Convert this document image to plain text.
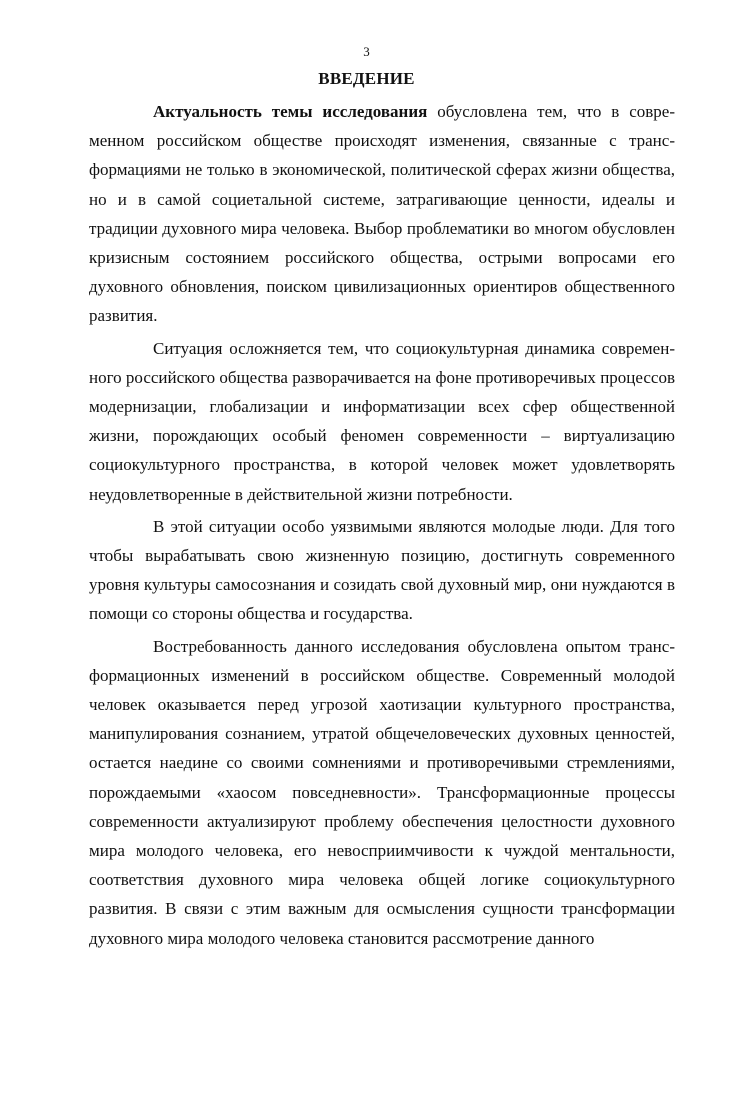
3
ВВЕДЕНИЕ

Актуальность темы исследования обусловлена тем, что в современном российском обществе происходят изменения, связанные с трансформациями не только в экономической, политической сферах жизни общества, но и в самой социетальной системе, затрагивающие ценности, идеалы и традиции духовного мира человека. Выбор проблематики во многом обусловлен кризисным состоянием российского общества, острыми вопросами его духовного обновления, поиском цивилизационных ориентиров общественного развития.

Ситуация осложняется тем, что социокультурная динамика современного российского общества разворачивается на фоне противоречивых процессов модернизации, глобализации и информатизации всех сфер общественной жизни, порождающих особый феномен современности – виртуализацию социокультурного пространства, в которой человек может удовлетворять неудовлетворенные в действительной жизни потребности.

В этой ситуации особо уязвимыми являются молодые люди. Для того чтобы вырабатывать свою жизненную позицию, достигнуть современного уровня культуры самосознания и созидать свой духовный мир, они нуждаются в помощи со стороны общества и государства.

Востребованность данного исследования обусловлена опытом трансформационных изменений в российском обществе. Современный молодой человек оказывается перед угрозой хаотизации культурного пространства, манипулирования сознанием, утратой общечеловеческих духовных ценностей, остается наедине со своими сомнениями и противоречивыми стремлениями, порождаемыми «хаосом повседневности». Трансформационные процессы современности актуализируют проблему обеспечения целостности духовного мира молодого человека, его невосприимчивости к чуждой ментальности, соответствия духовного мира человека общей логике социокультурного развития. В связи с этим важным для осмысления сущности трансформации духовного мира молодого человека становится рассмотрение данного
